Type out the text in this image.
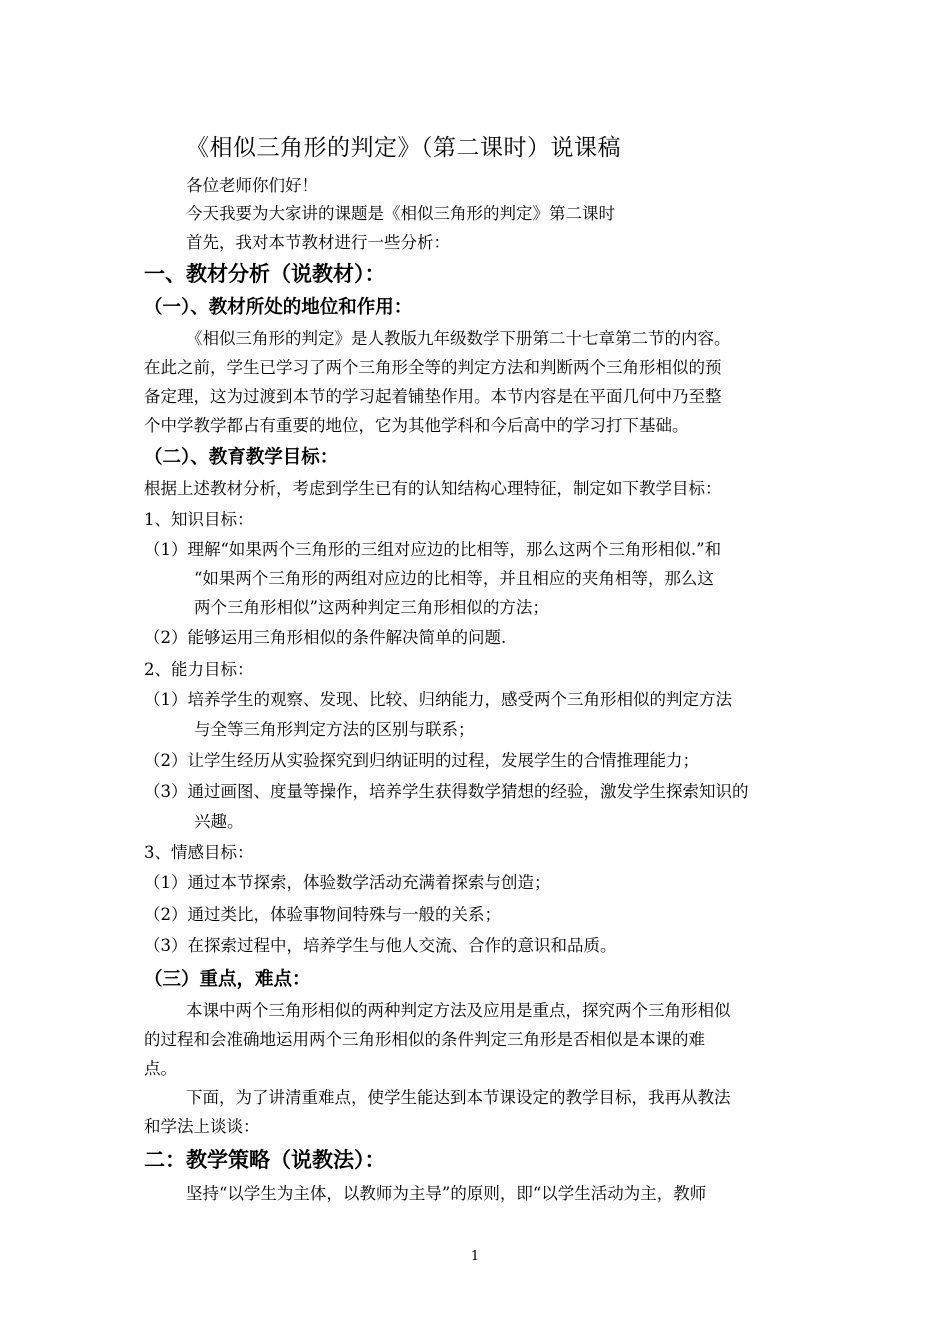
《相似三角形的判定》（第二课时）说课稿
各位老师你们好！
今天我要为大家讲的课题是《相似三角形的判定》第二课时
首先，我对本节教材进行一些分析：
一、教材分析（说教材）：
（一）、教材所处的地位和作用：
《相似三角形的判定》是人教版九年级数学下册第二十七章第二节的内容。
在此之前，学生已学习了两个三角形全等的判定方法和判断两个三角形相似的预
备定理，这为过渡到本节的学习起着铺垫作用。本节内容是在平面几何中乃至整
个中学教学都占有重要的地位，它为其他学科和今后高中的学习打下基础。
（二）、教育教学目标：
根据上述教材分析，考虑到学生已有的认知结构心理特征，制定如下教学目标：
1、知识目标：
（1）理解“如果两个三角形的三组对应边的比相等，那么这两个三角形相似.”和
“如果两个三角形的两组对应边的比相等，并且相应的夹角相等，那么这
两个三角形相似”这两种判定三角形相似的方法；
（2）能够运用三角形相似的条件解决简单的问题.
2、能力目标：
（1）培养学生的观察、发现、比较、归纳能力，感受两个三角形相似的判定方法
与全等三角形判定方法的区别与联系；
（2）让学生经历从实验探究到归纳证明的过程，发展学生的合情推理能力；
（3）通过画图、度量等操作，培养学生获得数学猜想的经验，激发学生探索知识的
兴趣。
3、情感目标：
（1）通过本节探索，体验数学活动充满着探索与创造；
（2）通过类比，体验事物间特殊与一般的关系；
（3）在探索过程中，培养学生与他人交流、合作的意识和品质。
（三）重点，难点：
本课中两个三角形相似的两种判定方法及应用是重点，探究两个三角形相似
的过程和会准确地运用两个三角形相似的条件判定三角形是否相似是本课的难
点。
下面，为了讲清重难点，使学生能达到本节课设定的教学目标，我再从教法
和学法上谈谈：
二：教学策略（说教法）：
坚持“以学生为主体，以教师为主导”的原则，即“以学生活动为主，教师
1
